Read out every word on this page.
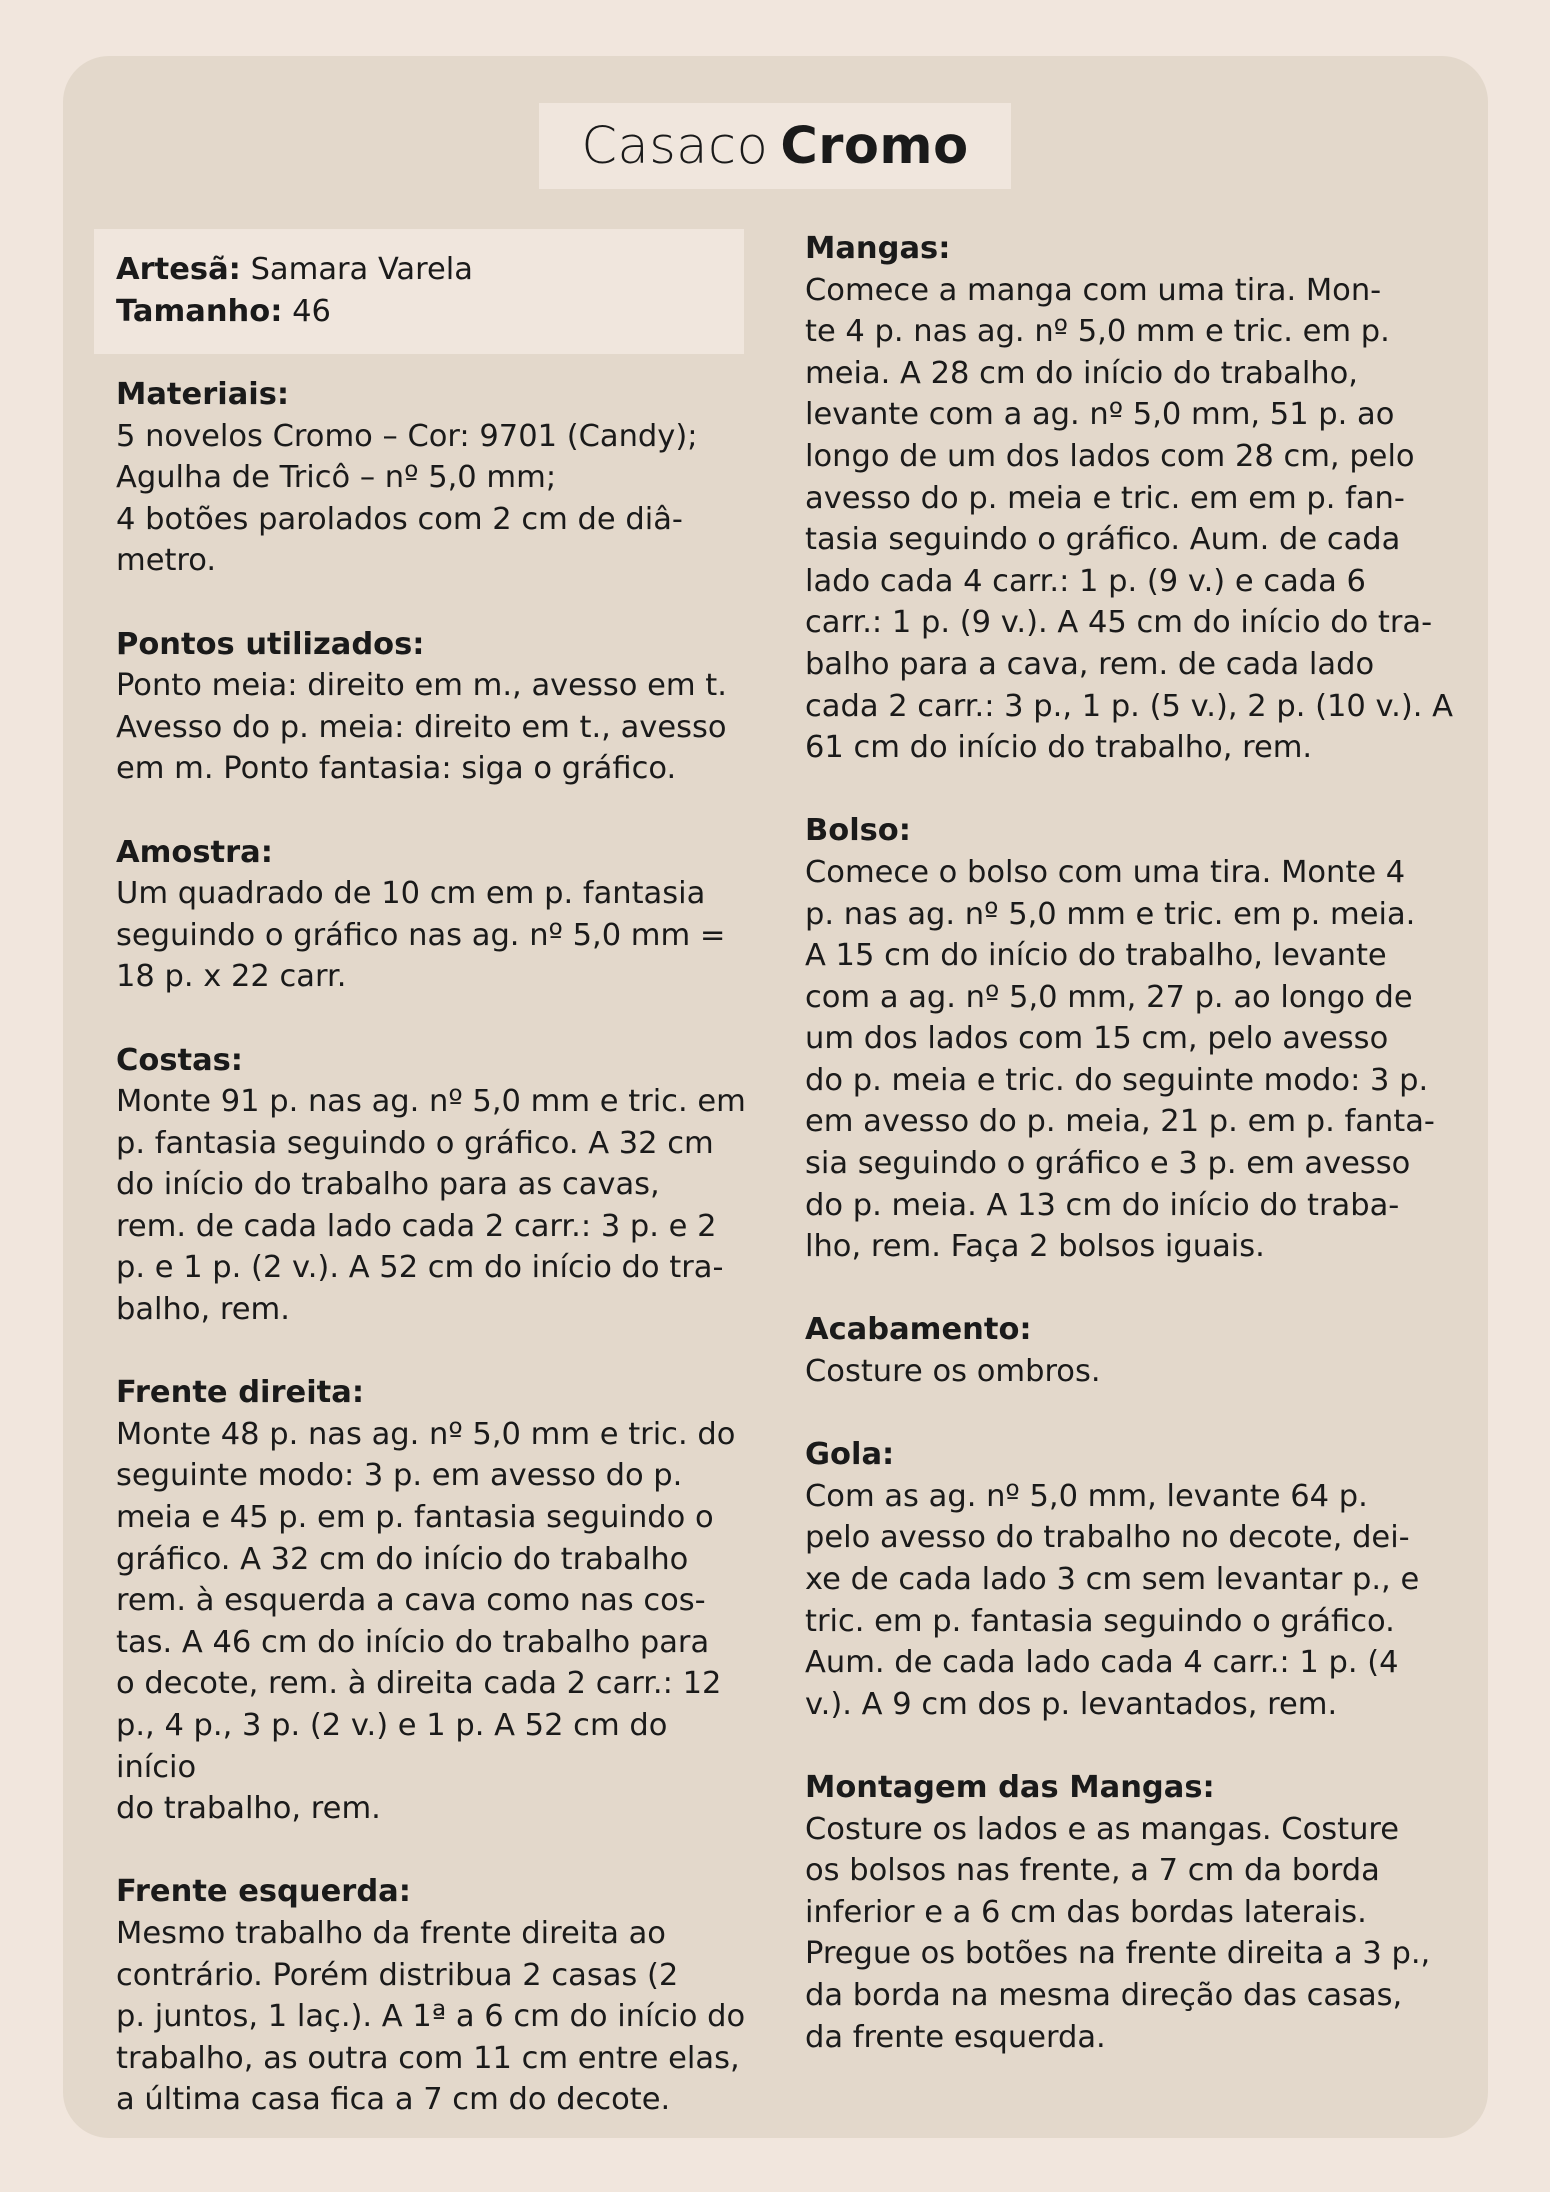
Casaco Cromo
Artesã: Samara Varela
Tamanho: 46
Materiais:
5 novelos Cromo – Cor: 9701 (Candy);
Agulha de Tricô – nº 5,0 mm;
4 botões parolados com 2 cm de diâ-
metro.
Pontos utilizados:
Ponto meia: direito em m., avesso em t.
Avesso do p. meia: direito em t., avesso
em m. Ponto fantasia: siga o gráfico.
Amostra:
Um quadrado de 10 cm em p. fantasia
seguindo o gráfico nas ag. nº 5,0 mm =
18 p. x 22 carr.
Costas:
Monte 91 p. nas ag. nº 5,0 mm e tric. em
p. fantasia seguindo o gráfico. A 32 cm
do início do trabalho para as cavas,
rem. de cada lado cada 2 carr.: 3 p. e 2
p. e 1 p. (2 v.). A 52 cm do início do tra-
balho, rem.
Frente direita:
Monte 48 p. nas ag. nº 5,0 mm e tric. do
seguinte modo: 3 p. em avesso do p.
meia e 45 p. em p. fantasia seguindo o
gráfico. A 32 cm do início do trabalho
rem. à esquerda a cava como nas cos-
tas. A 46 cm do início do trabalho para
o decote, rem. à direita cada 2 carr.: 12
p., 4 p., 3 p. (2 v.) e 1 p. A 52 cm do início
do trabalho, rem.
Frente esquerda:
Mesmo trabalho da frente direita ao
contrário. Porém distribua 2 casas (2
p. juntos, 1 laç.). A 1ª a 6 cm do início do
trabalho, as outra com 11 cm entre elas,
a última casa fica a 7 cm do decote.
Mangas:
Comece a manga com uma tira. Mon-
te 4 p. nas ag. nº 5,0 mm e tric. em p.
meia. A 28 cm do início do trabalho,
levante com a ag. nº 5,0 mm, 51 p. ao
longo de um dos lados com 28 cm, pelo
avesso do p. meia e tric. em em p. fan-
tasia seguindo o gráfico. Aum. de cada
lado cada 4 carr.: 1 p. (9 v.) e cada 6
carr.: 1 p. (9 v.). A 45 cm do início do tra-
balho para a cava, rem. de cada lado
cada 2 carr.: 3 p., 1 p. (5 v.), 2 p. (10 v.). A
61 cm do início do trabalho, rem.
Bolso:
Comece o bolso com uma tira. Monte 4
p. nas ag. nº 5,0 mm e tric. em p. meia.
A 15 cm do início do trabalho, levante
com a ag. nº 5,0 mm, 27 p. ao longo de
um dos lados com 15 cm, pelo avesso
do p. meia e tric. do seguinte modo: 3 p.
em avesso do p. meia, 21 p. em p. fanta-
sia seguindo o gráfico e 3 p. em avesso
do p. meia. A 13 cm do início do traba-
lho, rem. Faça 2 bolsos iguais.
Acabamento:
Costure os ombros.
Gola:
Com as ag. nº 5,0 mm, levante 64 p.
pelo avesso do trabalho no decote, dei-
xe de cada lado 3 cm sem levantar p., e
tric. em p. fantasia seguindo o gráfico.
Aum. de cada lado cada 4 carr.: 1 p. (4
v.). A 9 cm dos p. levantados, rem.
Montagem das Mangas:
Costure os lados e as mangas. Costure
os bolsos nas frente, a 7 cm da borda
inferior e a 6 cm das bordas laterais.
Pregue os botões na frente direita a 3 p.,
da borda na mesma direção das casas,
da frente esquerda.
